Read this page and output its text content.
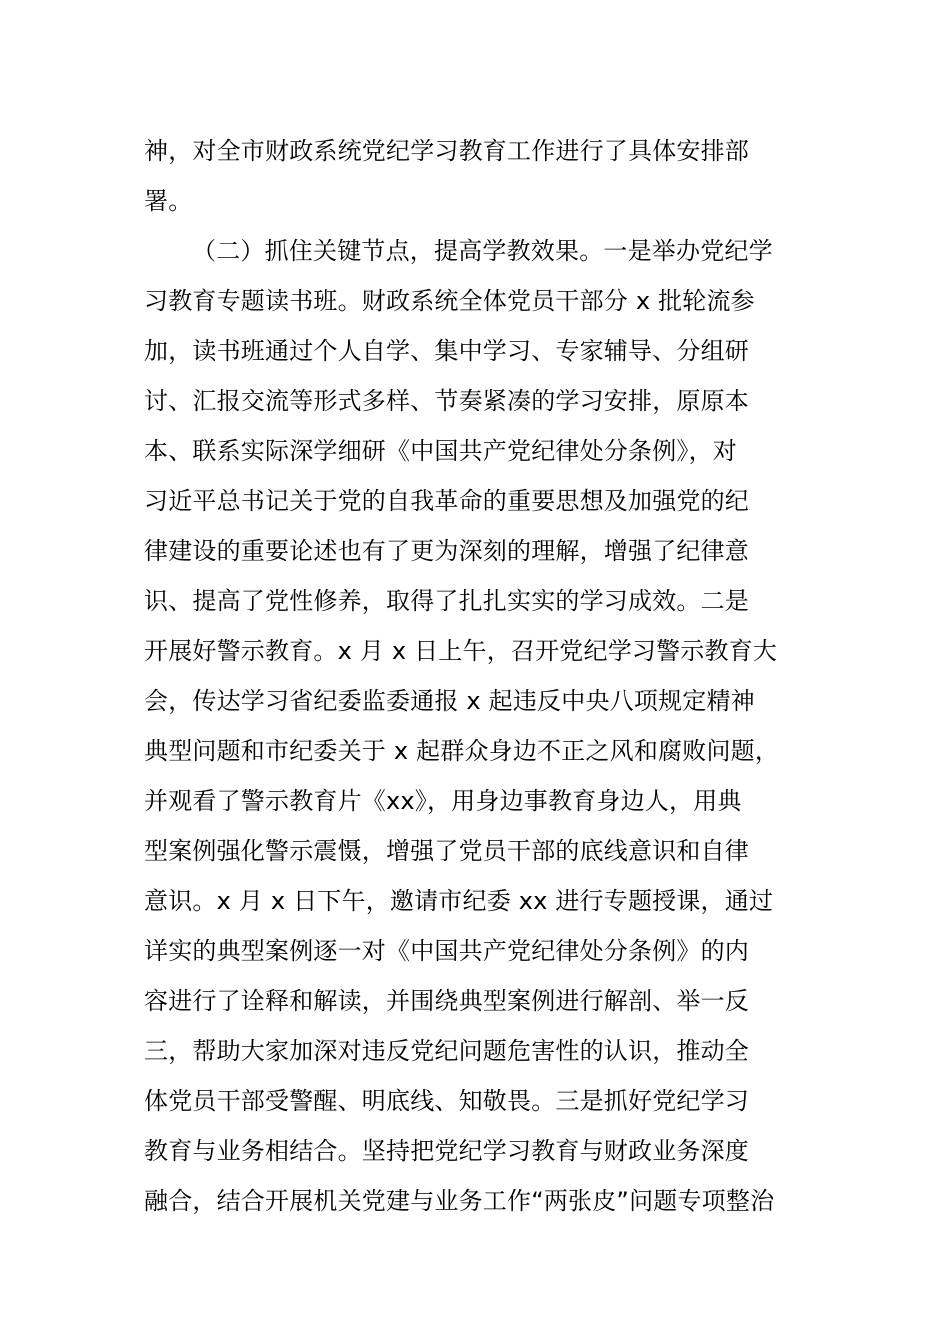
神，对全市财政系统党纪学习教育工作进行了具体安排部
署。
（二）抓住关键节点，提高学教效果。一是举办党纪学
习教育专题读书班。财政系统全体党员干部分 x 批轮流参
加，读书班通过个人自学、集中学习、专家辅导、分组研
讨、汇报交流等形式多样、节奏紧凑的学习安排，原原本
本、联系实际深学细研《中国共产党纪律处分条例》，对
习近平总书记关于党的自我革命的重要思想及加强党的纪
律建设的重要论述也有了更为深刻的理解，增强了纪律意
识、提高了党性修养，取得了扎扎实实的学习成效。二是
开展好警示教育。x 月 x 日上午，召开党纪学习警示教育大
会，传达学习省纪委监委通报 x 起违反中央八项规定精神
典型问题和市纪委关于 x 起群众身边不正之风和腐败问题，
并观看了警示教育片《xx》，用身边事教育身边人，用典
型案例强化警示震慑，增强了党员干部的底线意识和自律
意识。x 月 x 日下午，邀请市纪委 xx 进行专题授课，通过
详实的典型案例逐一对《中国共产党纪律处分条例》的内
容进行了诠释和解读，并围绕典型案例进行解剖、举一反
三，帮助大家加深对违反党纪问题危害性的认识，推动全
体党员干部受警醒、明底线、知敬畏。三是抓好党纪学习
教育与业务相结合。坚持把党纪学习教育与财政业务深度
融合，结合开展机关党建与业务工作“两张皮”问题专项整治
